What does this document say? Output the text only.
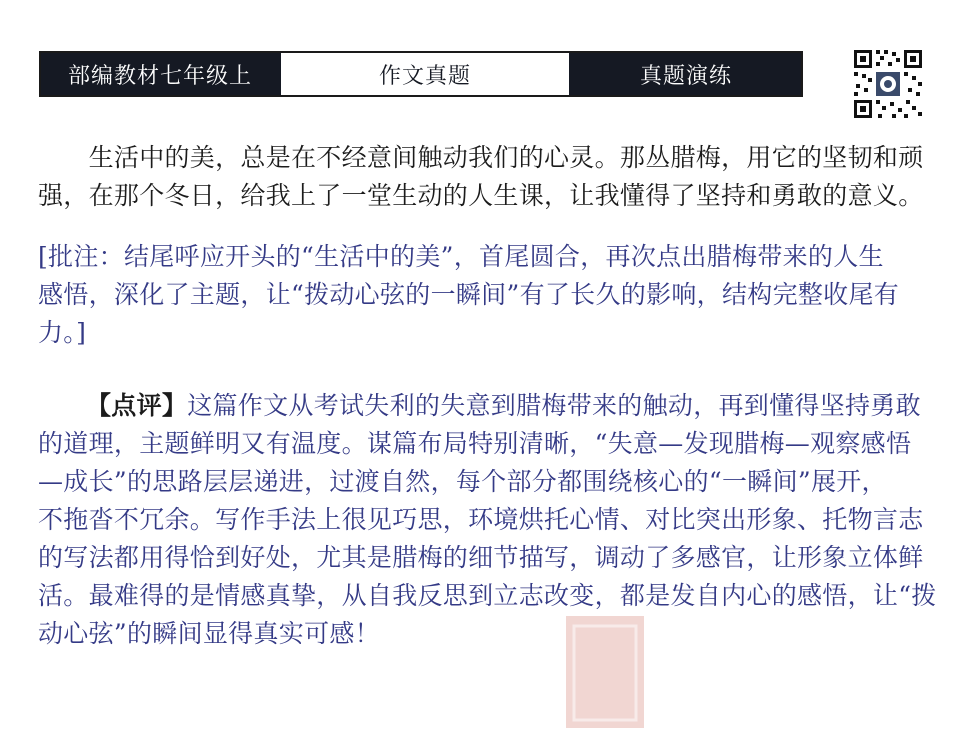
部编教材七年级上	作文真题	真题演练
　　生活中的美，总是在不经意间触动我们的心灵。那丛腊梅，用它的坚韧和顽
强，在那个冬日，给我上了一堂生动的人生课，让我懂得了坚持和勇敢的意义。
[批注：结尾呼应开头的“生活中的美”，首尾圆合，再次点出腊梅带来的人生
感悟，深化了主题，让“拨动心弦的一瞬间”有了长久的影响，结构完整收尾有
力。]
【点评】这篇作文从考试失利的失意到腊梅带来的触动，再到懂得坚持勇敢
的道理，主题鲜明又有温度。谋篇布局特别清晰，“失意—发现腊梅—观察感悟
—成长”的思路层层递进，过渡自然，每个部分都围绕核心的“一瞬间”展开，
不拖沓不冗余。写作手法上很见巧思，环境烘托心情、对比突出形象、托物言志
的写法都用得恰到好处，尤其是腊梅的细节描写，调动了多感官，让形象立体鲜
活。最难得的是情感真挚，从自我反思到立志改变，都是发自内心的感悟，让“拨
动心弦”的瞬间显得真实可感！
